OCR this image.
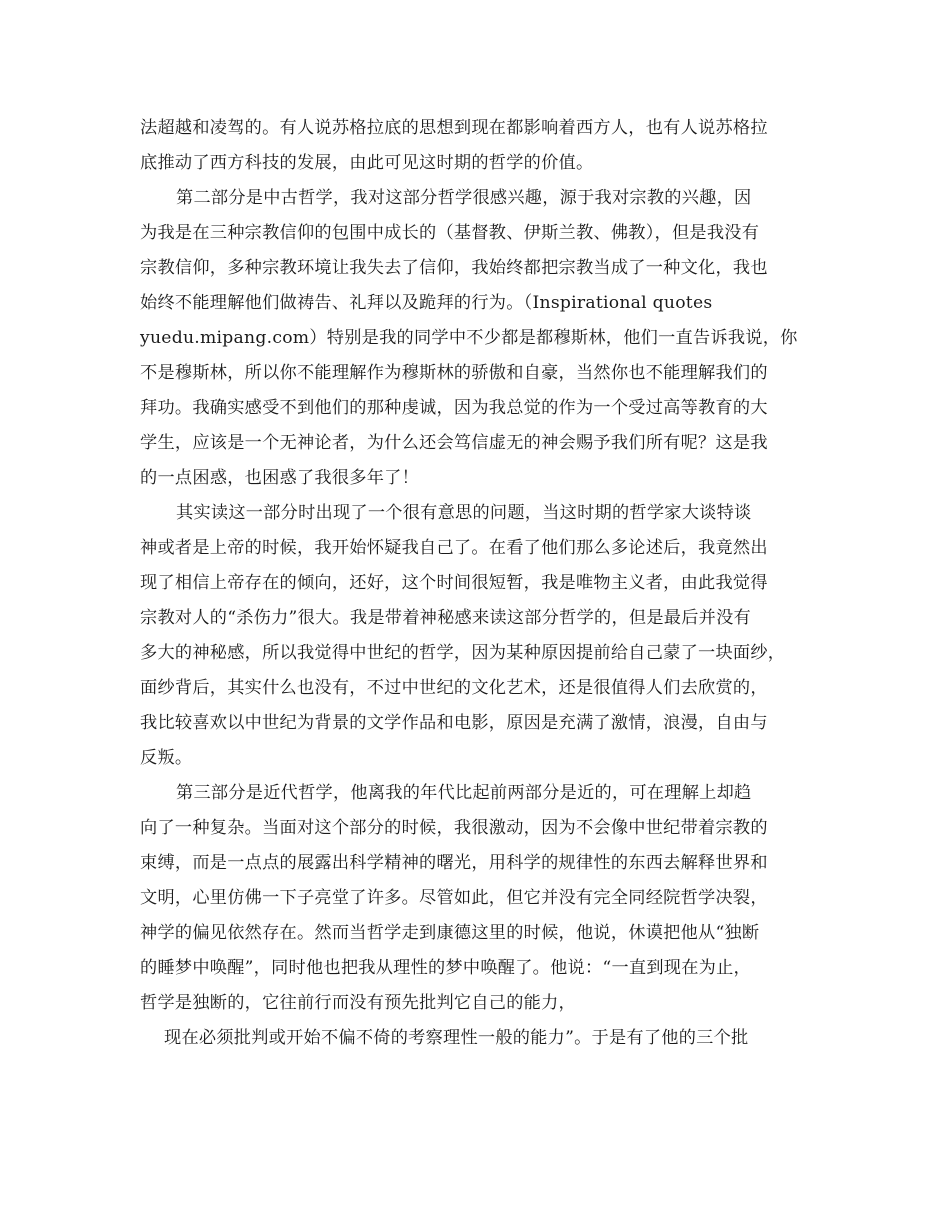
法超越和凌驾的。有人说苏格拉底的思想到现在都影响着西方人，也有人说苏格拉
底推动了西方科技的发展，由此可见这时期的哲学的价值。
第二部分是中古哲学，我对这部分哲学很感兴趣，源于我对宗教的兴趣，因
为我是在三种宗教信仰的包围中成长的（基督教、伊斯兰教、佛教），但是我没有
宗教信仰，多种宗教环境让我失去了信仰，我始终都把宗教当成了一种文化，我也
始终不能理解他们做祷告、礼拜以及跪拜的行为。（Inspirational quotes
yuedu.mipang.com）特别是我的同学中不少都是都穆斯林，他们一直告诉我说，你
不是穆斯林，所以你不能理解作为穆斯林的骄傲和自豪，当然你也不能理解我们的
拜功。我确实感受不到他们的那种虔诚，因为我总觉的作为一个受过高等教育的大
学生，应该是一个无神论者，为什么还会笃信虚无的神会赐予我们所有呢？这是我
的一点困惑，也困惑了我很多年了！
其实读这一部分时出现了一个很有意思的问题，当这时期的哲学家大谈特谈
神或者是上帝的时候，我开始怀疑我自己了。在看了他们那么多论述后，我竟然出
现了相信上帝存在的倾向，还好，这个时间很短暂，我是唯物主义者，由此我觉得
宗教对人的“杀伤力”很大。我是带着神秘感来读这部分哲学的，但是最后并没有
多大的神秘感，所以我觉得中世纪的哲学，因为某种原因提前给自己蒙了一块面纱，
面纱背后，其实什么也没有，不过中世纪的文化艺术，还是很值得人们去欣赏的，
我比较喜欢以中世纪为背景的文学作品和电影，原因是充满了激情，浪漫，自由与
反叛。
第三部分是近代哲学，他离我的年代比起前两部分是近的，可在理解上却趋
向了一种复杂。当面对这个部分的时候，我很激动，因为不会像中世纪带着宗教的
束缚，而是一点点的展露出科学精神的曙光，用科学的规律性的东西去解释世界和
文明，心里仿佛一下子亮堂了许多。尽管如此，但它并没有完全同经院哲学决裂，
神学的偏见依然存在。然而当哲学走到康德这里的时候，他说，休谟把他从“独断
的睡梦中唤醒”，同时他也把我从理性的梦中唤醒了。他说：“一直到现在为止，
哲学是独断的，它往前行而没有预先批判它自己的能力，
现在必须批判或开始不偏不倚的考察理性一般的能力”。于是有了他的三个批
